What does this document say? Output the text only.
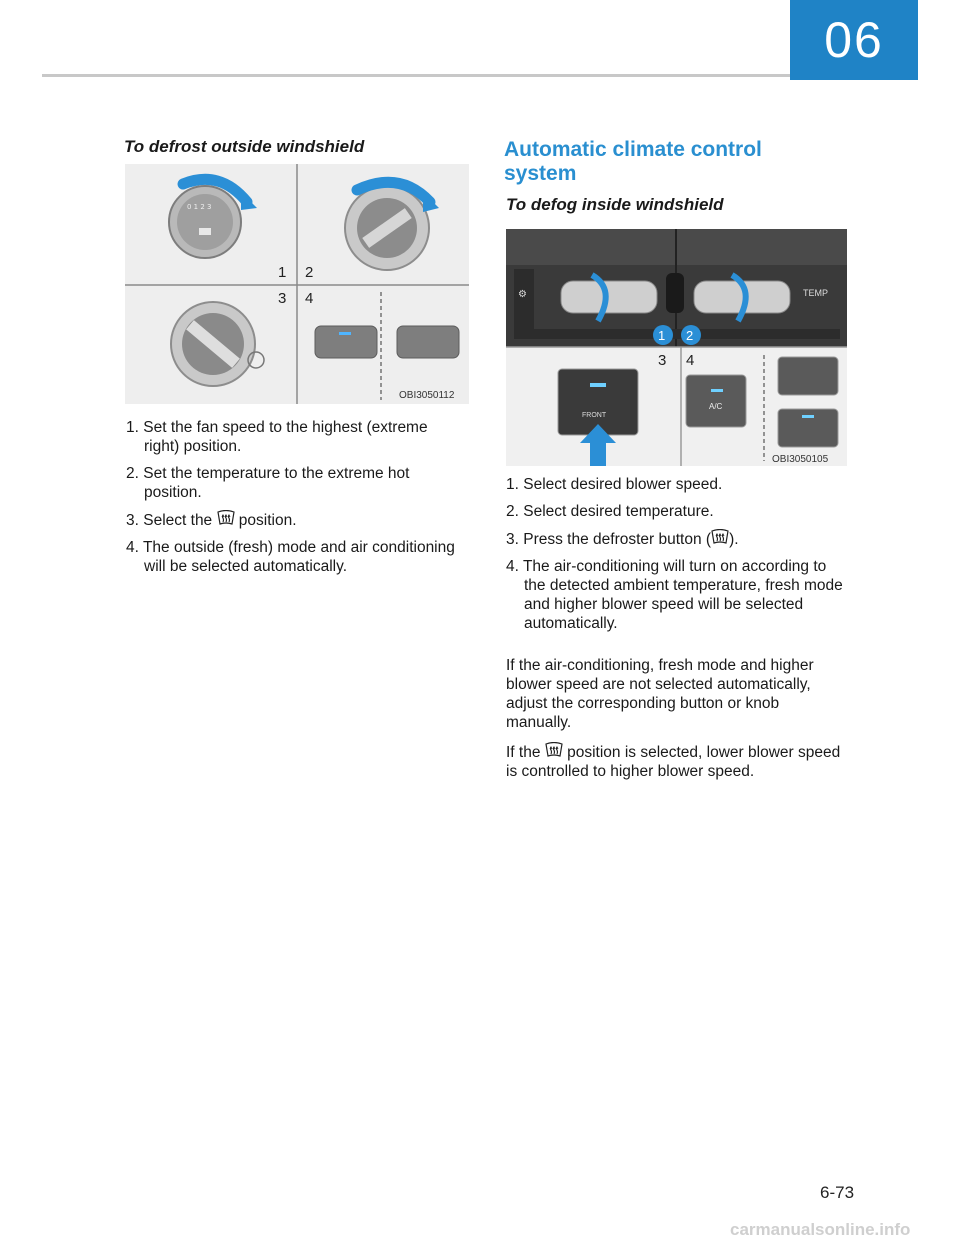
06
To defrost outside windshield
0 1 2 3
1 2
3 4
OBI3050112
1. Set the fan speed to the highest (extreme right) position.
2. Set the temperature to the extreme hot position.
3. Select the  position.
4. The outside (fresh) mode and air conditioning will be selected automatically.
Automatic climate control system
To defog inside windshield
⚙	TEMP
1 2
3 4
FRONT
A/C
OBI3050105
1. Select desired blower speed.
2. Select desired temperature.
3. Press the defroster button ( ).
4. The air-conditioning will turn on according to the detected ambient temperature, fresh mode and higher blower speed will be selected automatically.

If the air-conditioning, fresh mode and higher blower speed are not selected automatically, adjust the corresponding button or knob manually.

If the  position is selected, lower blower speed is controlled to higher blower speed.

6-73
carmanualsonline.info
